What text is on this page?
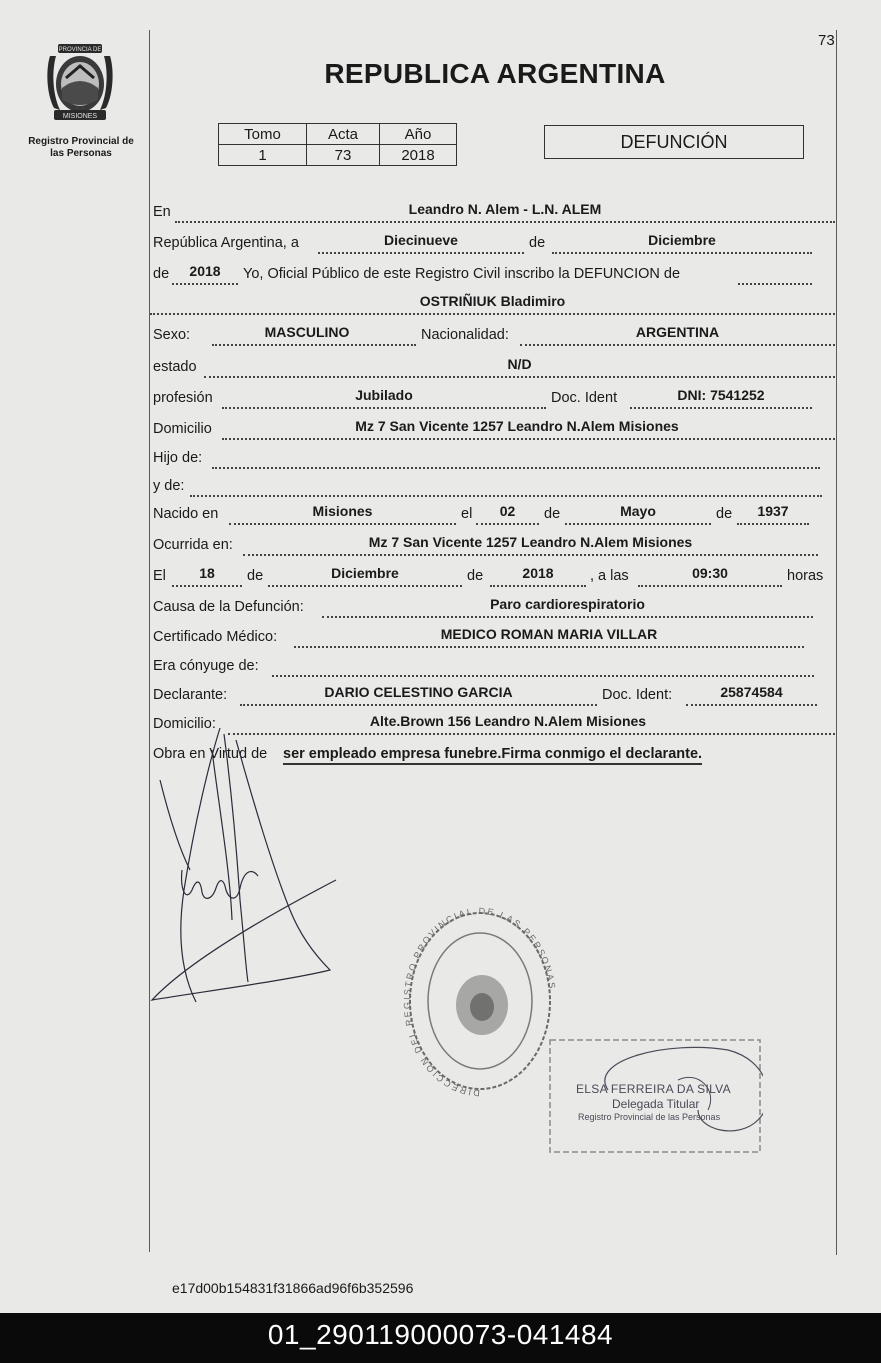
73
PROVINCIA DE
MISIONES
Registro Provincial de las Personas
REPUBLICA ARGENTINA
Tomo	Acta	Año
1	73	2018
DEFUNCIÓN
En	Leandro N. Alem - L.N. ALEM
República Argentina, a	Diecinueve	de	Diciembre
de	2018	Yo, Oficial Público de este Registro Civil inscribo la DEFUNCION de
OSTRIÑIUK Bladimiro
Sexo:	MASCULINO	Nacionalidad:	ARGENTINA
estado	N/D
profesión	Jubilado	Doc. Ident	DNI: 7541252
Domicilio	Mz 7 San Vicente 1257 Leandro N.Alem Misiones
Hijo de:
y de:
Nacido en	Misiones	el	02	de	Mayo	de	1937
Ocurrida en:	Mz 7 San Vicente 1257 Leandro N.Alem Misiones
El	18	de	Diciembre	de	2018	, a las	09:30	horas
Causa de la Defunción:	Paro cardiorespiratorio
Certificado Médico:	MEDICO ROMAN MARIA VILLAR
Era cónyuge de:
Declarante:	DARIO CELESTINO GARCIA	Doc. Ident:	25874584
Domicilio:	Alte.Brown 156 Leandro N.Alem Misiones
Obra en Virtud de ser empleado empresa funebre.Firma conmigo el declarante.
DIRECCION DEL REGISTRO PROVINCIAL DE LAS PERSONAS
ELSA FERREIRA DA SILVA
Delegada Titular
Registro Provincial de las Personas
e17d00b154831f31866ad96f6b352596
01_290119000073-041484
